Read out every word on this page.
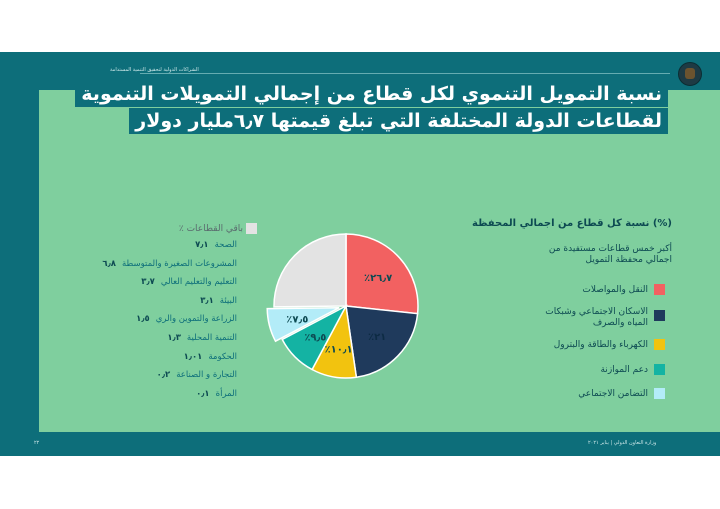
الشراكات الدولية لتحقيق التنمية المستدامة
نسبة التمويل التنموي لكل قطاع من إجمالي التمويلات التنموية
لقطاعات الدولة المختلفة التي تبلغ قيمتها ٦٫٧مليار دولار
٪٢٦٫٧
٪٢١
٪١٠٫١
٪٩٫٥
٪٧٫٥
(%) نسبة كل قطاع من اجمالي المحفظة
أكبر خمس قطاعات مستفيدة من اجمالي محفظة التمويل
النقل والمواصلات
الاسكان الاجتماعي وشبكات المياه والصرف
الكهرباء والطاقة والبترول
دعم الموازنة
التضامن الاجتماعي
باقي القطاعات ٪
الصحة٧٫١
المشروعات الصغيرة والمتوسطة٦٫٨
التعليم والتعليم العالي٣٫٧
البيئة٣٫١
الزراعة والتموين والري١٫٥
التنمية المحلية١٫٣
الحكومة١٫٠١
التجارة و الصناعة٠٫٢
المرأة٠٫١
وزارة التعاون الدولي | يناير ٢٠٢١
٢٢
